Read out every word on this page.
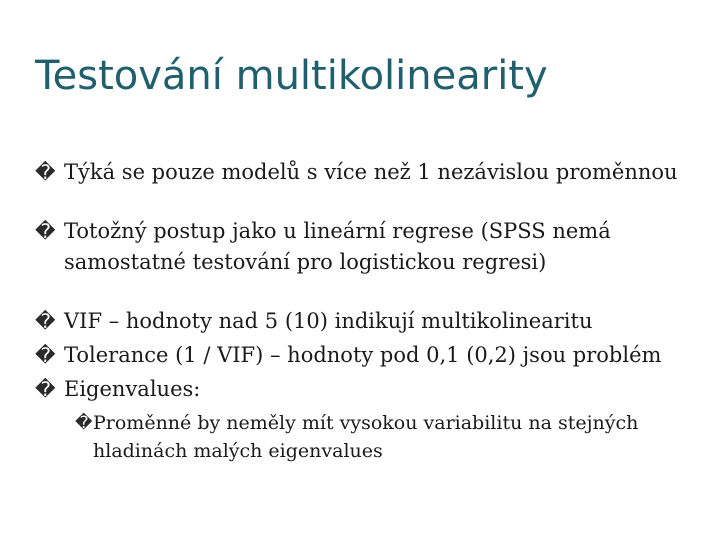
Testování multikolinearity
� Týká se pouze modelů s více než 1 nezávislou proměnnou
� Totožný postup jako u lineární regrese (SPSS nemá samostatné testování pro logistickou regresi)
� VIF – hodnoty nad 5 (10) indikují multikolinearitu
� Tolerance (1 / VIF) – hodnoty pod 0,1 (0,2) jsou problém
� Eigenvalues:
� Proměnné by neměly mít vysokou variabilitu na stejných hladinách malých eigenvalues
